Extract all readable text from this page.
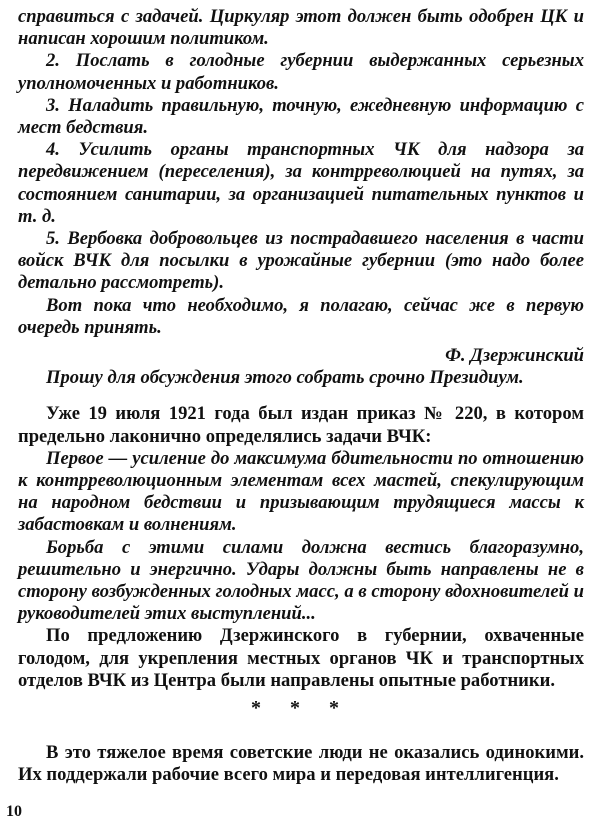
справиться с задачей. Циркуляр этот должен быть одобрен ЦК и написан хорошим политиком.

2. Послать в голодные губернии выдержанных серьезных уполномоченных и работников.

3. Наладить правильную, точную, ежедневную информацию с мест бедствия.

4. Усилить органы транспортных ЧК для надзора за передвижением (переселения), за контрреволюцией на путях, за состоянием санитарии, за организацией питательных пунктов и т. д.

5. Вербовка добровольцев из пострадавшего населения в части войск ВЧК для посылки в урожайные губернии (это надо более детально рассмотреть).

Вот пока что необходимо, я полагаю, сейчас же в первую очередь принять.

Ф. Дзержинский

Прошу для обсуждения этого собрать срочно Президиум.

Уже 19 июля 1921 года был издан приказ № 220, в котором предельно лаконично определялись задачи ВЧК:

Первое — усиление до максимума бдительности по отношению к контрреволюционным элементам всех мастей, спекулирующим на народном бедствии и призывающим трудящиеся массы к забастовкам и волнениям.

Борьба с этими силами должна вестись благоразумно, решительно и энергично. Удары должны быть направлены не в сторону возбужденных голодных масс, а в сторону вдохновителей и руководителей этих выступлений...

По предложению Дзержинского в губернии, охваченные голодом, для укрепления местных органов ЧК и транспортных отделов ВЧК из Центра были направлены опытные работники.

* * *

В это тяжелое время советские люди не оказались одинокими. Их поддержали рабочие всего мира и передовая интеллигенция.

10
